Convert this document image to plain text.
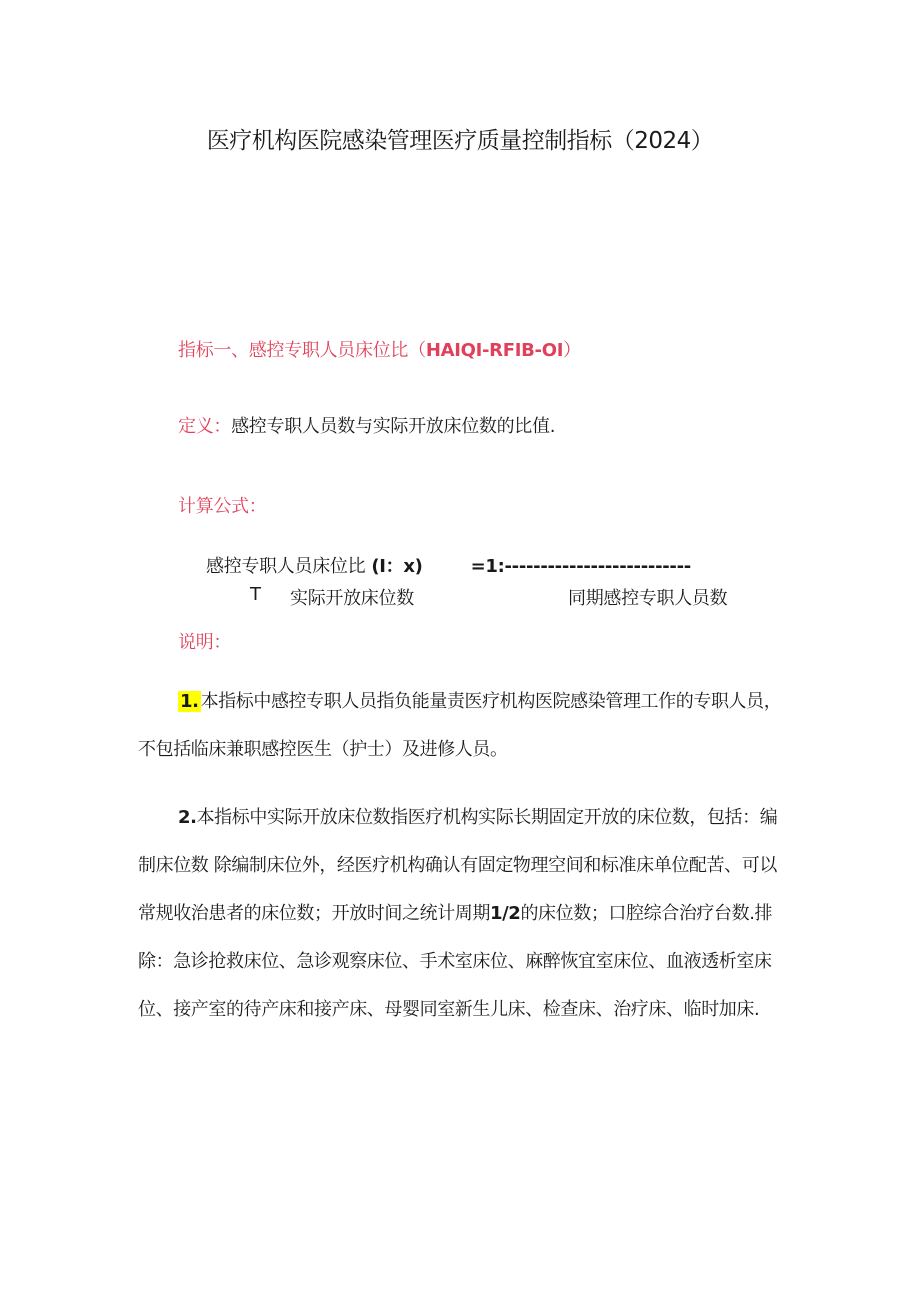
医疗机构医院感染管理医疗质量控制指标（2024）
指标一、感控专职人员床位比（HAIQI-RFIB-OI）
定义：感控专职人员数与实际开放床位数的比值.
计算公式：
感控专职人员床位比 (I：x)	=1:--------------------------
T 实际开放床位数	同期感控专职人员数
说明：
1. 本指标中感控专职人员指负能量责医疗机构医院感染管理工作的专职人员，不包括临床兼职感控医生（护士）及进修人员。
2.本指标中实际开放床位数指医疗机构实际长期固定开放的床位数，包括：编制床位数 除编制床位外，经医疗机构确认有固定物理空间和标准床单位配苦、可以常规收治患者的床位数；开放时间之统计周期1/2的床位数；口腔综合治疗台数.排除：急诊抢救床位、急诊观察床位、手术室床位、麻醉恢宜室床位、血液透析室床位、接产室的待产床和接产床、母婴同室新生儿床、检查床、治疗床、临时加床.
